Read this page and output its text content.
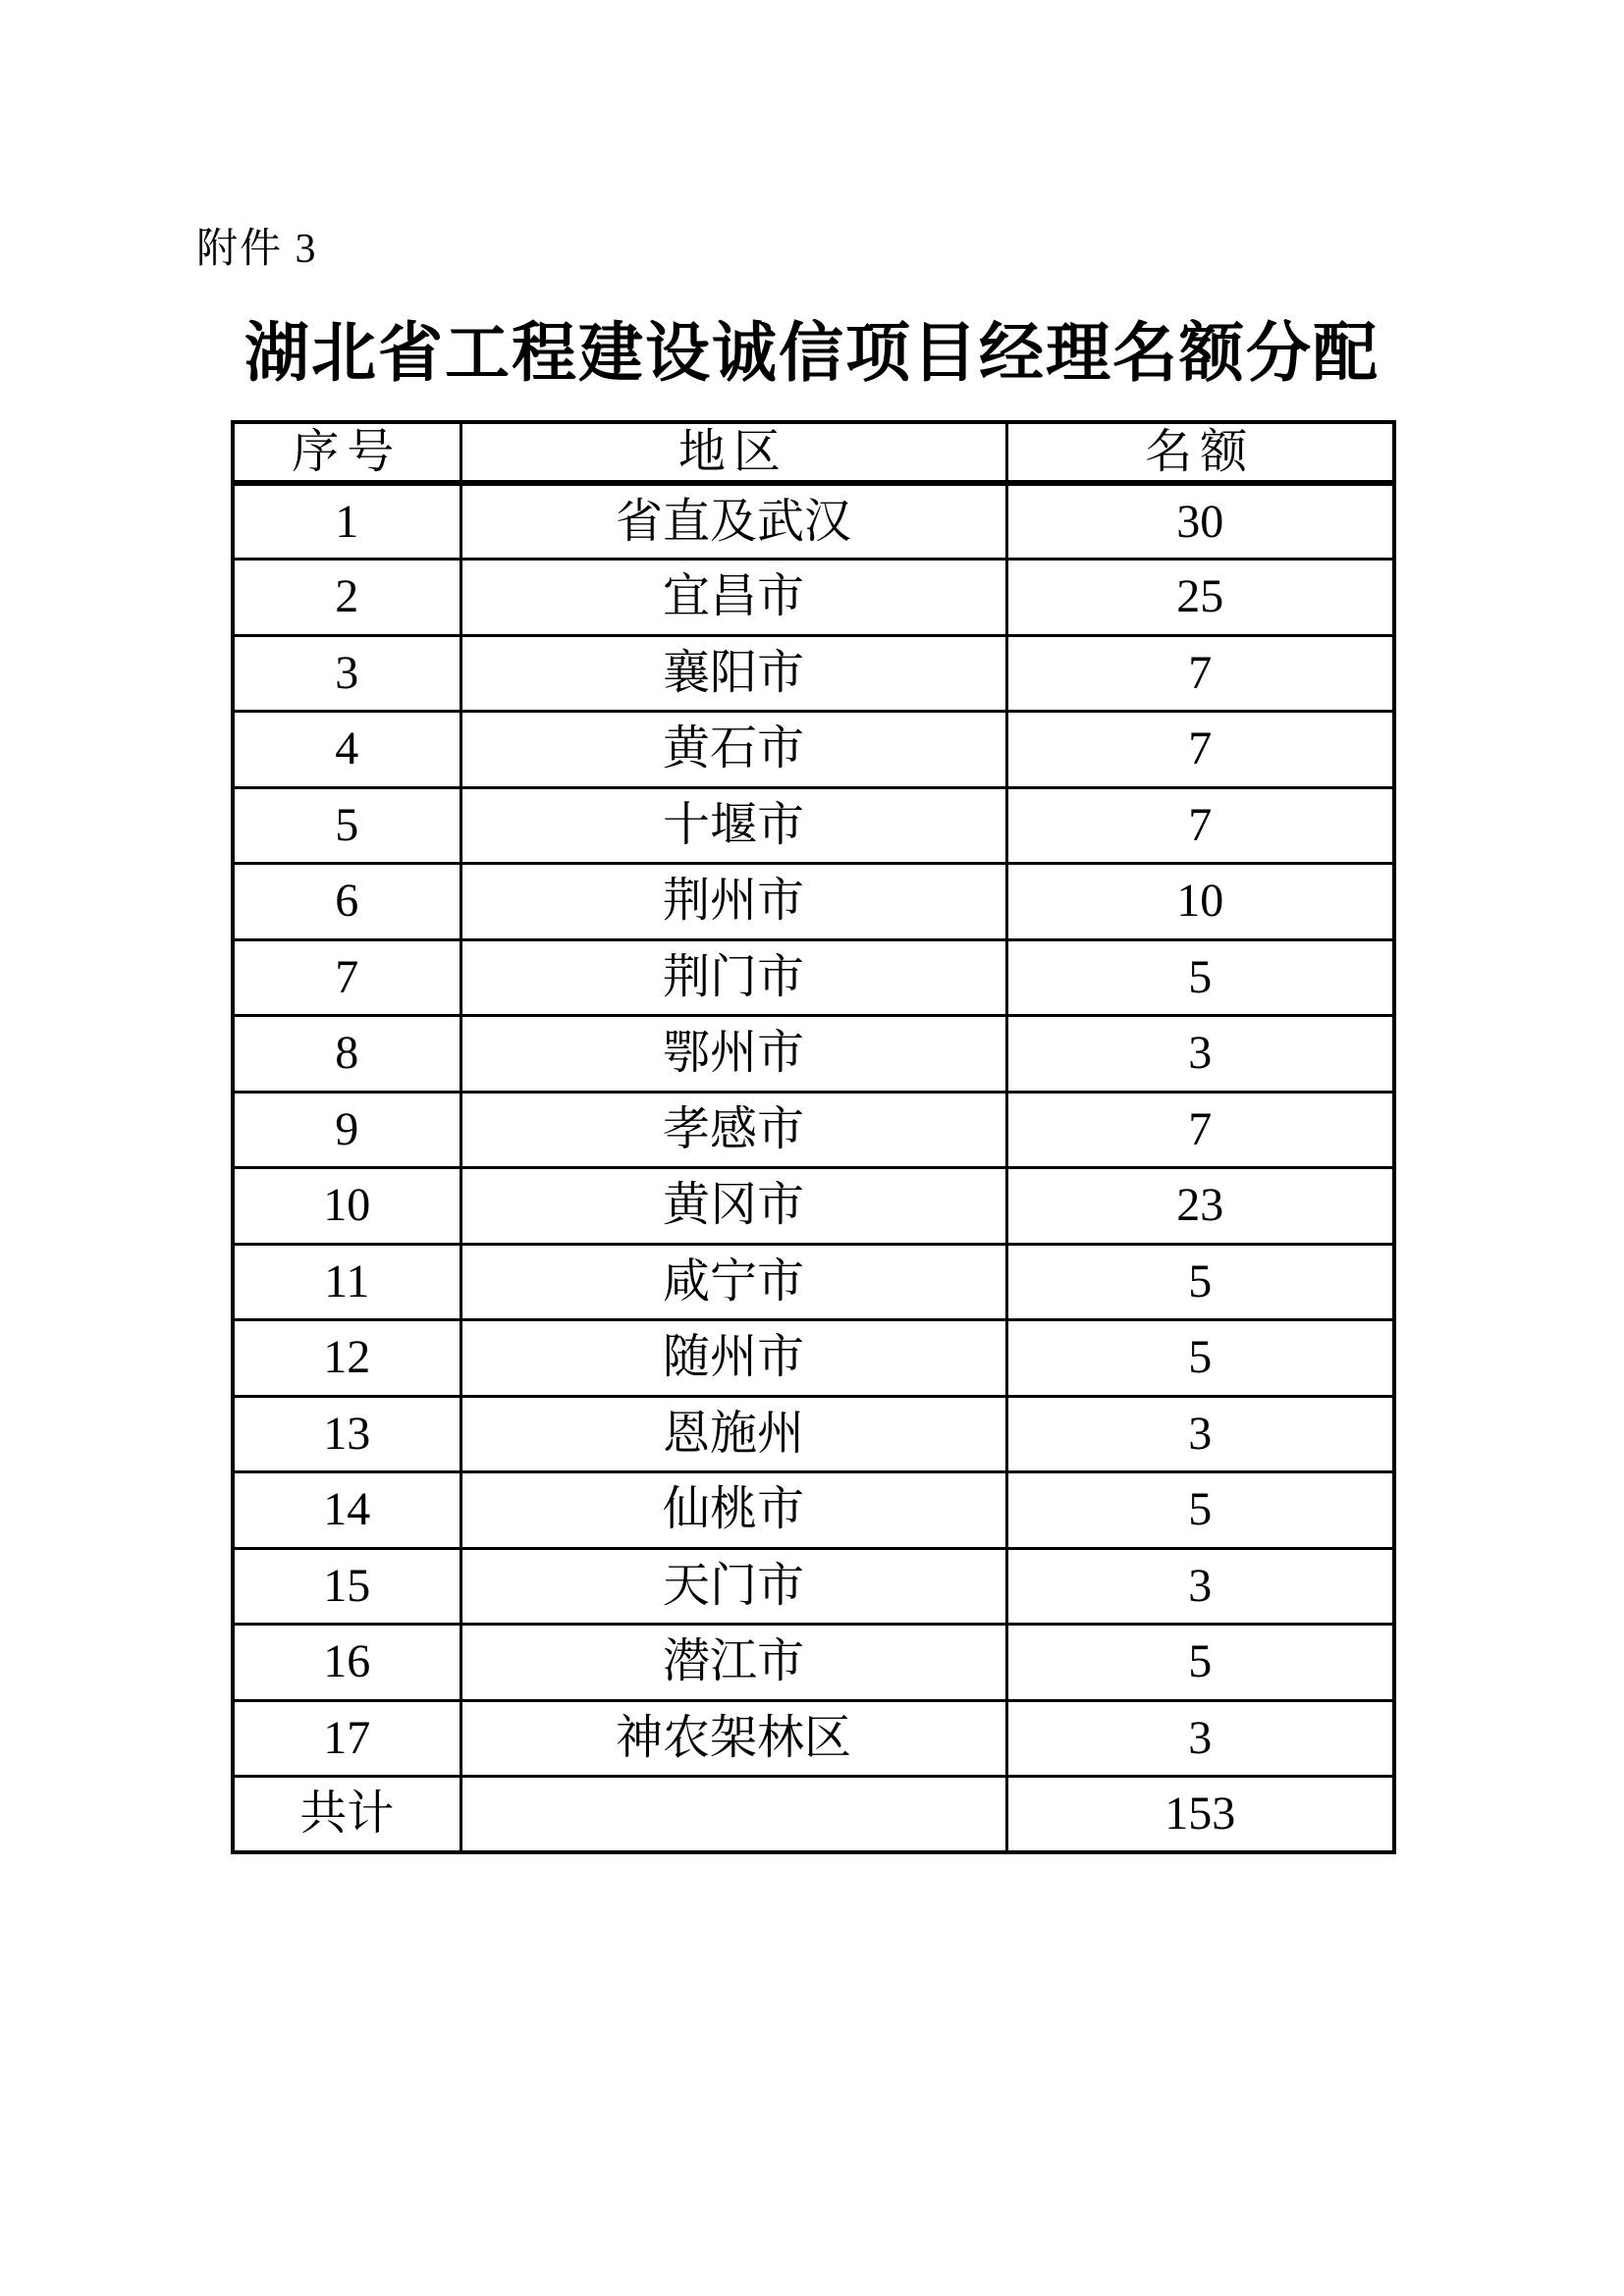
附件 3
湖北省工程建设诚信项目经理名额分配
序号	地区	名额
1	省直及武汉	30
2	宜昌市	25
3	襄阳市	7
4	黄石市	7
5	十堰市	7
6	荆州市	10
7	荆门市	5
8	鄂州市	3
9	孝感市	7
10	黄冈市	23
11	咸宁市	5
12	随州市	5
13	恩施州	3
14	仙桃市	5
15	天门市	3
16	潜江市	5
17	神农架林区	3
共计		153
